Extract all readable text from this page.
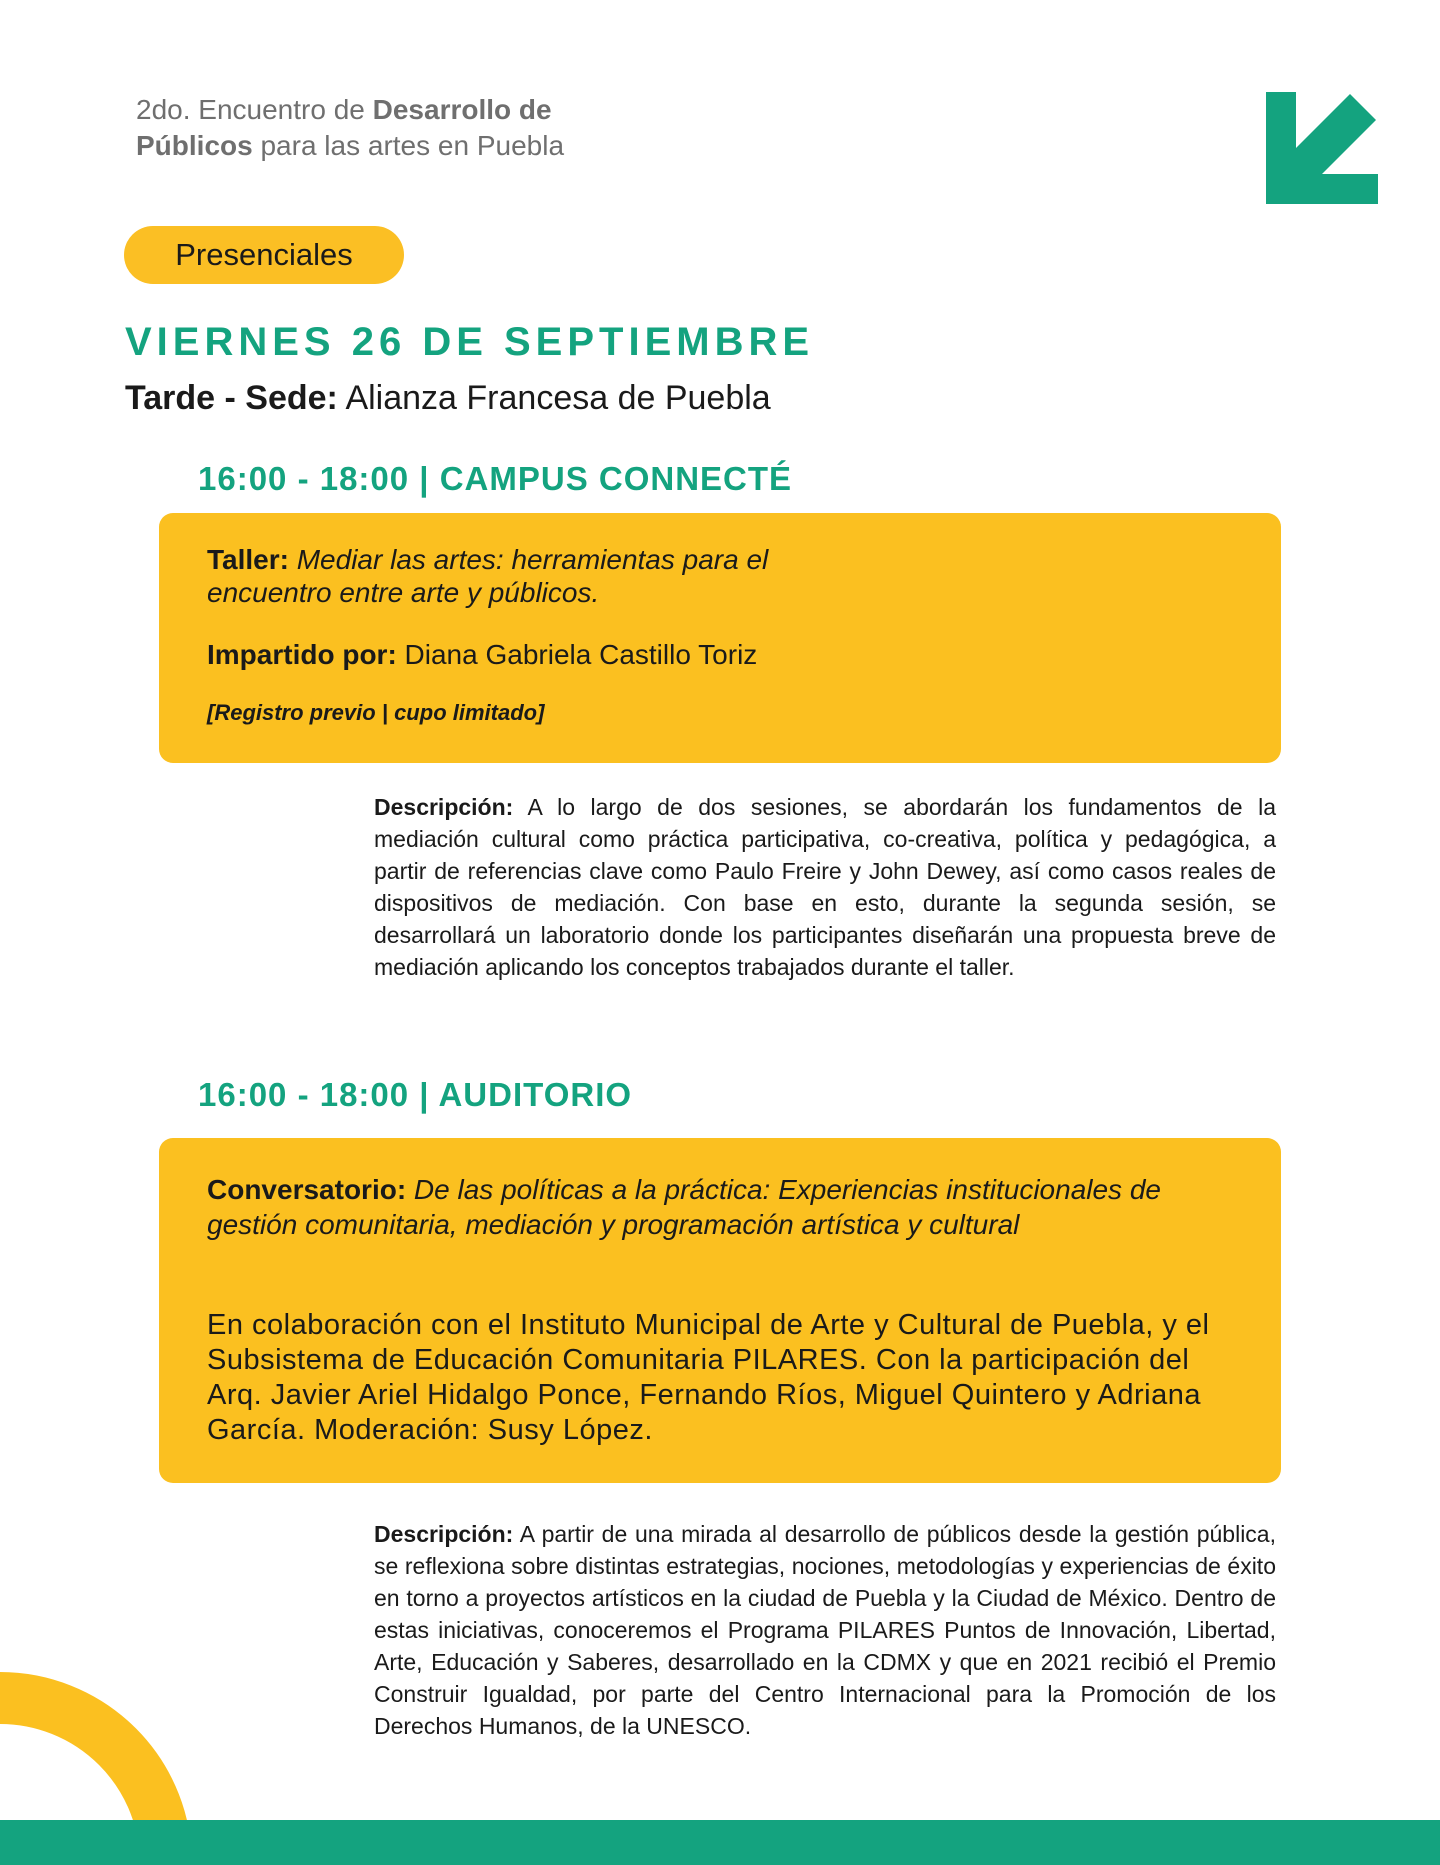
2do. Encuentro de Desarrollo de
Públicos para las artes en Puebla
Presenciales
VIERNES 26 DE SEPTIEMBRE
Tarde - Sede: Alianza Francesa de Puebla
16:00 - 18:00 | CAMPUS CONNECTÉ

Taller: Mediar las artes: herramientas para el
encuentro entre arte y públicos.

Impartido por: Diana Gabriela Castillo Toriz

[Registro previo | cupo limitado]

Descripción: A lo largo de dos sesiones, se abordarán los fundamentos de la mediación cultural como práctica participativa, co-creativa, política y pedagógica, a partir de referencias clave como Paulo Freire y John Dewey, así como casos reales de dispositivos de mediación. Con base en esto, durante la segunda sesión, se desarrollará un laboratorio donde los participantes diseñarán una propuesta breve de mediación aplicando los conceptos trabajados durante el taller.
16:00 - 18:00 | AUDITORIO

Conversatorio: De las políticas a la práctica: Experiencias institucionales de gestión comunitaria, mediación y programación artística y cultural

En colaboración con el Instituto Municipal de Arte y Cultural de Puebla, y el Subsistema de Educación Comunitaria PILARES. Con la participación del Arq. Javier Ariel Hidalgo Ponce, Fernando Ríos, Miguel Quintero y Adriana García. Moderación: Susy López.

Descripción: A partir de una mirada al desarrollo de públicos desde la gestión pública, se reflexiona sobre distintas estrategias, nociones, metodologías y experiencias de éxito en torno a proyectos artísticos en la ciudad de Puebla y la Ciudad de México. Dentro de estas iniciativas, conoceremos el Programa PILARES Puntos de Innovación, Libertad, Arte, Educación y Saberes, desarrollado en la CDMX y que en 2021 recibió el Premio Construir Igualdad, por parte del Centro Internacional para la Promoción de los Derechos Humanos, de la UNESCO.
